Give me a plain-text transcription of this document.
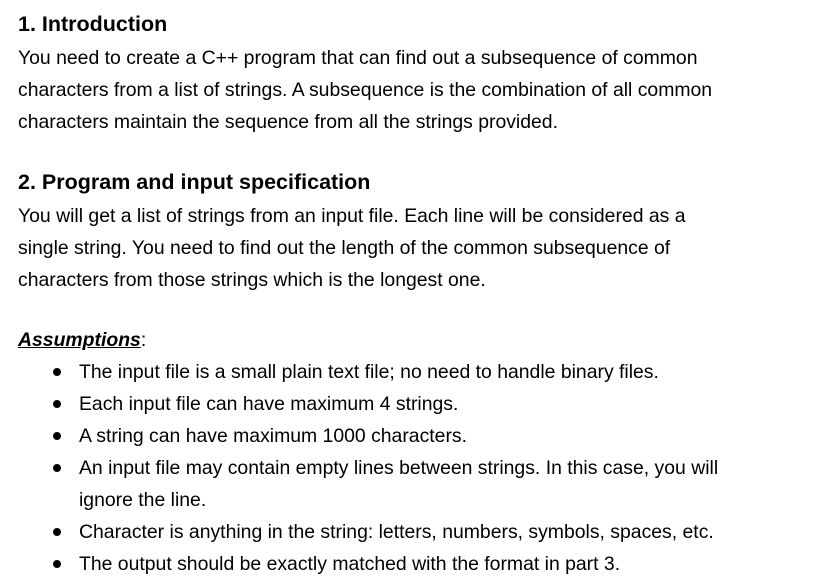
1. Introduction

You need to create a C++ program that can find out a subsequence of common
characters from a list of strings. A subsequence is the combination of all common
characters maintain the sequence from all the strings provided.

2. Program and input specification

You will get a list of strings from an input file. Each line will be considered as a
single string. You need to find out the length of the common subsequence of
characters from those strings which is the longest one.

Assumptions:
The input file is a small plain text file; no need to handle binary files.
Each input file can have maximum 4 strings.
A string can have maximum 1000 characters.
An input file may contain empty lines between strings. In this case, you will
ignore the line.
Character is anything in the string: letters, numbers, symbols, spaces, etc.
The output should be exactly matched with the format in part 3.
